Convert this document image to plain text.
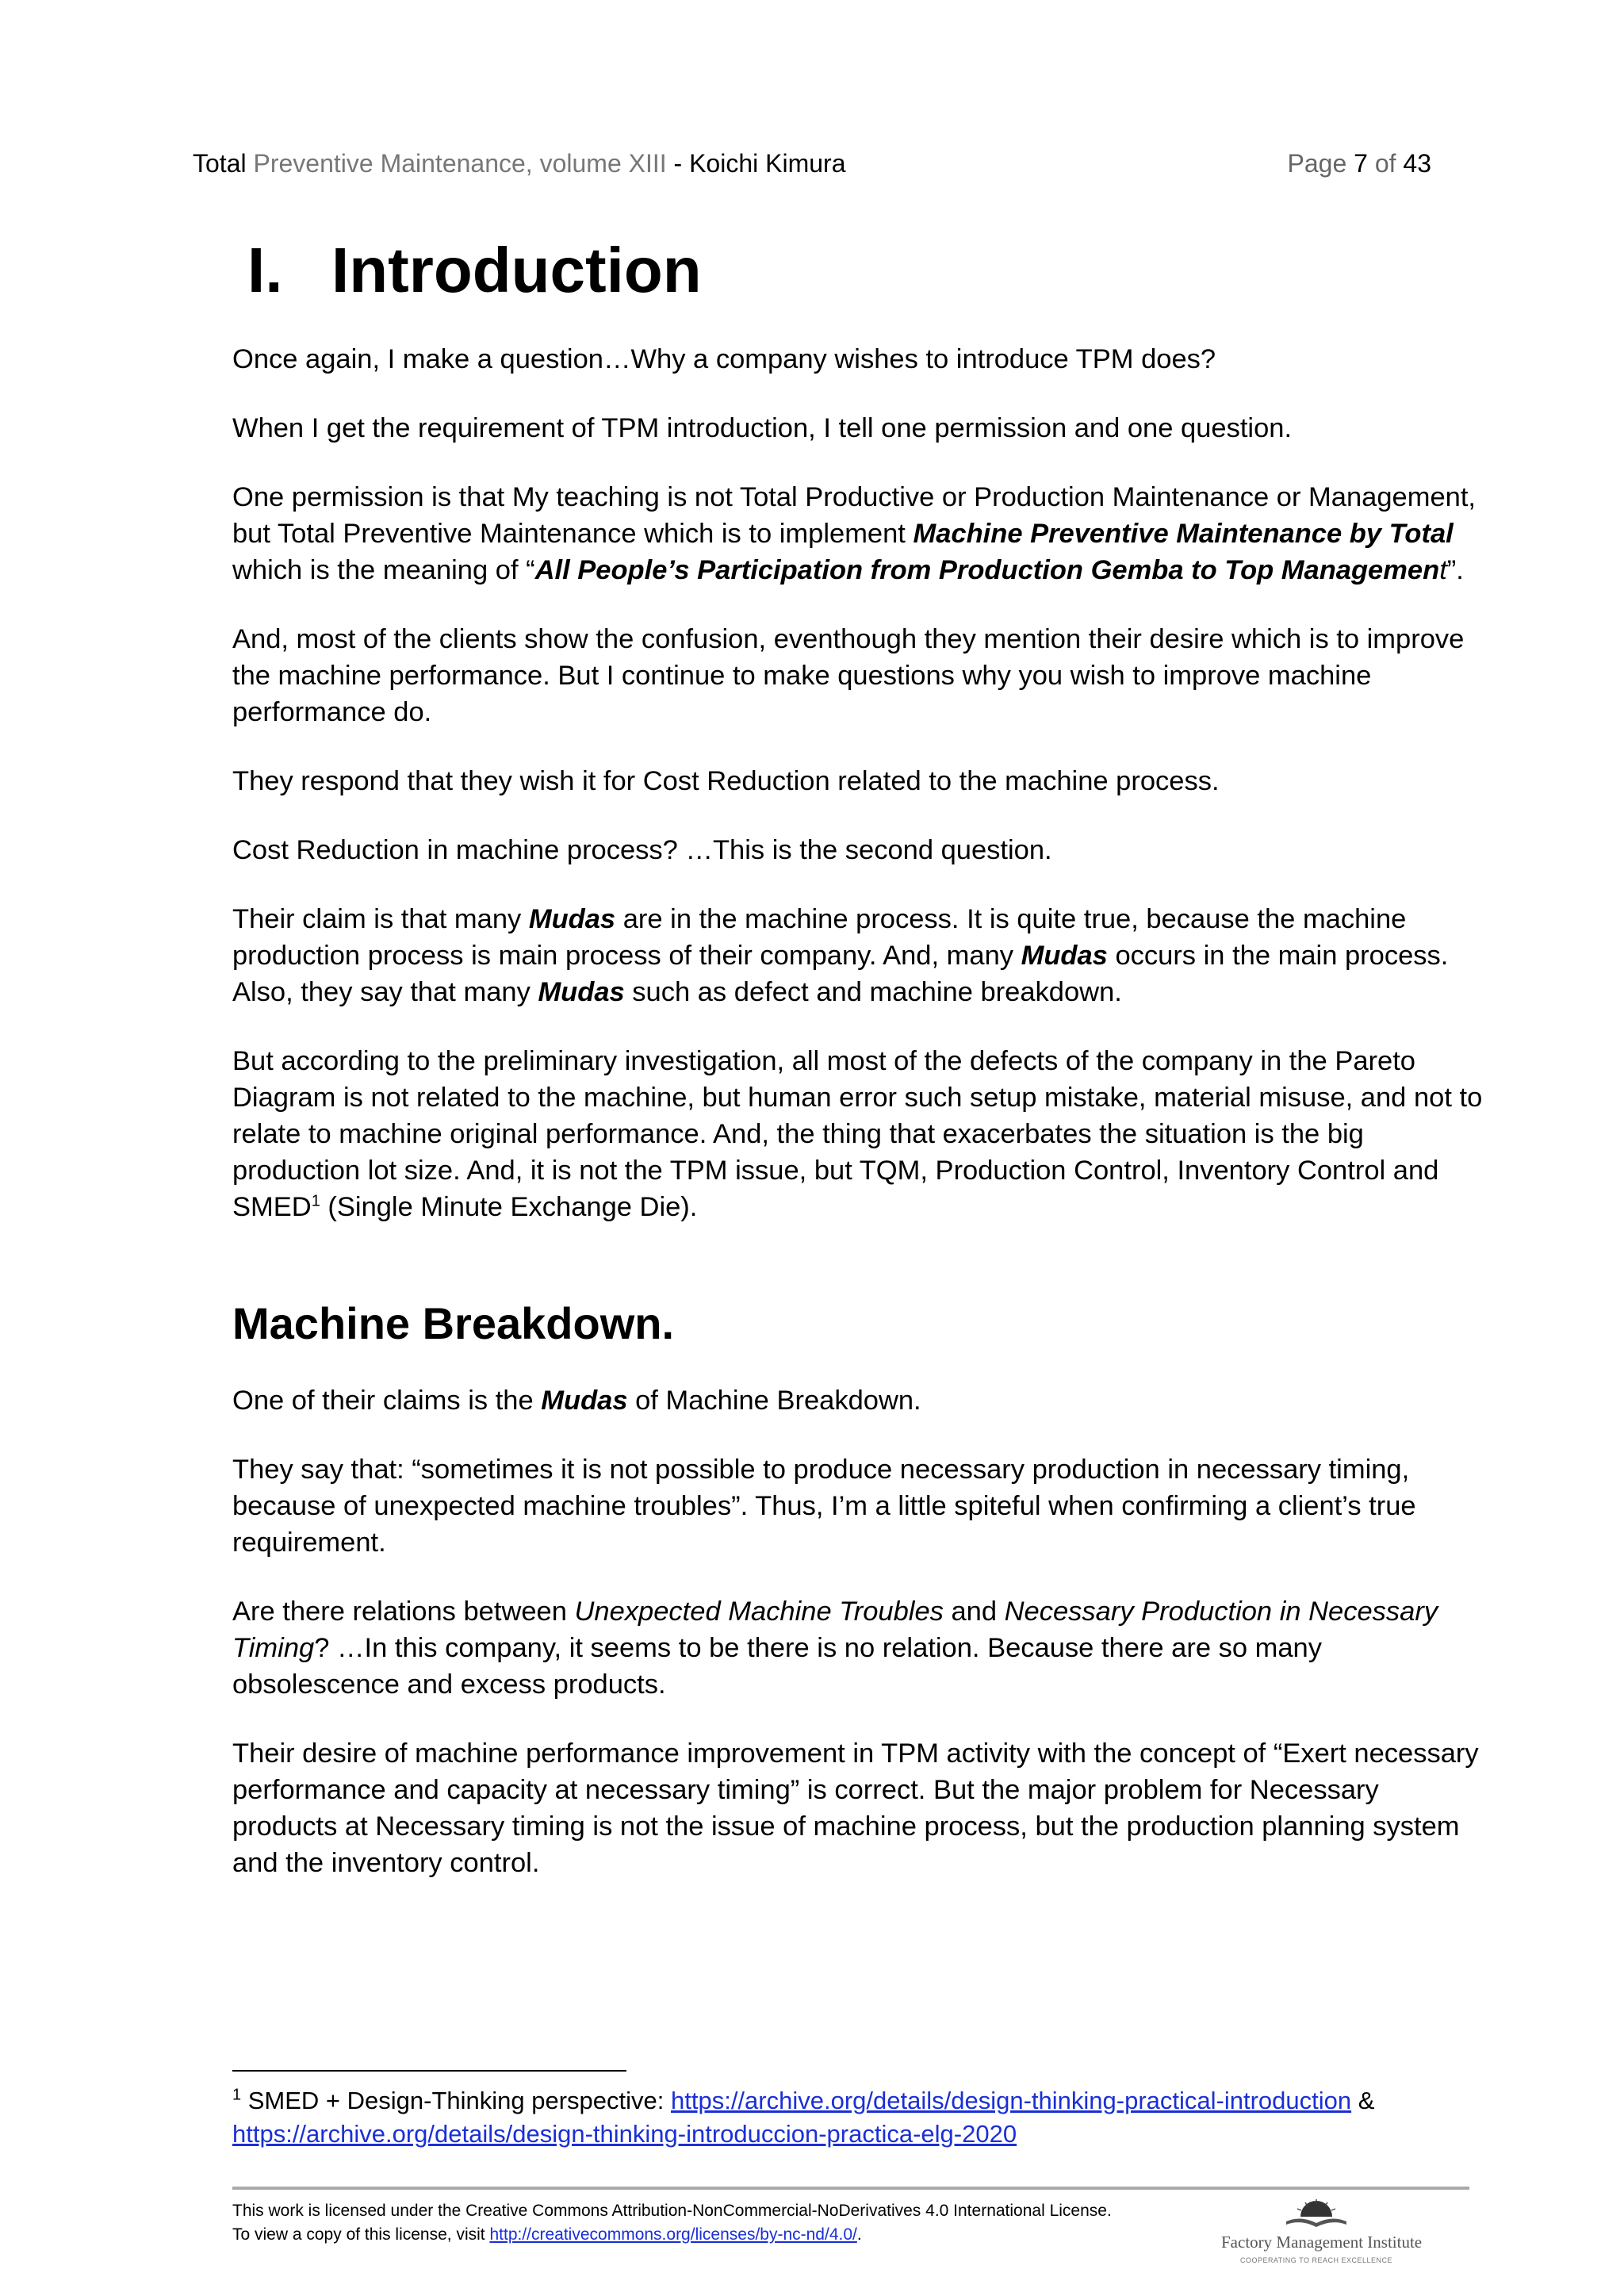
Total Preventive Maintenance, volume XIII - Koichi Kimura	Page 7 of 43
I. Introduction

Once again, I make a question…Why a company wishes to introduce TPM does?

When I get the requirement of TPM introduction, I tell one permission and one question.

One permission is that My teaching is not Total Productive or Production Maintenance or Management, but Total Preventive Maintenance which is to implement Machine Preventive Maintenance by Total which is the meaning of “All People’s Participation from Production Gemba to Top Management”.

And, most of the clients show the confusion, eventhough they mention their desire which is to improve the machine performance. But I continue to make questions why you wish to improve machine performance do.

They respond that they wish it for Cost Reduction related to the machine process.

Cost Reduction in machine process? …This is the second question.

Their claim is that many Mudas are in the machine process. It is quite true, because the machine production process is main process of their company. And, many Mudas occurs in the main process. Also, they say that many Mudas such as defect and machine breakdown.

But according to the preliminary investigation, all most of the defects of the company in the Pareto Diagram is not related to the machine, but human error such setup mistake, material misuse, and not to relate to machine original performance. And, the thing that exacerbates the situation is the big production lot size. And, it is not the TPM issue, but TQM, Production Control, Inventory Control and SMED$^1$ (Single Minute Exchange Die).

Machine Breakdown.

One of their claims is the Mudas of Machine Breakdown.

They say that: “sometimes it is not possible to produce necessary production in necessary timing, because of unexpected machine troubles”. Thus, I’m a little spiteful when confirming a client’s true requirement.

Are there relations between Unexpected Machine Troubles and Necessary Production in Necessary Timing? …In this company, it seems to be there is no relation. Because there are so many obsolescence and excess products.

Their desire of machine performance improvement in TPM activity with the concept of “Exert necessary performance and capacity at necessary timing” is correct. But the major problem for Necessary products at Necessary timing is not the issue of machine process, but the production planning system and the inventory control.

$^1$ SMED + Design-Thinking perspective: https://archive.org/details/design-thinking-practical-introduction &
https://archive.org/details/design-thinking-introduccion-practica-elg-2020
This work is licensed under the Creative Commons Attribution-NonCommercial-NoDerivatives 4.0 International License.
To view a copy of this license, visit http://creativecommons.org/licenses/by-nc-nd/4.0/.	Factory Management Institute
COOPERATING TO REACH EXCELLENCE
